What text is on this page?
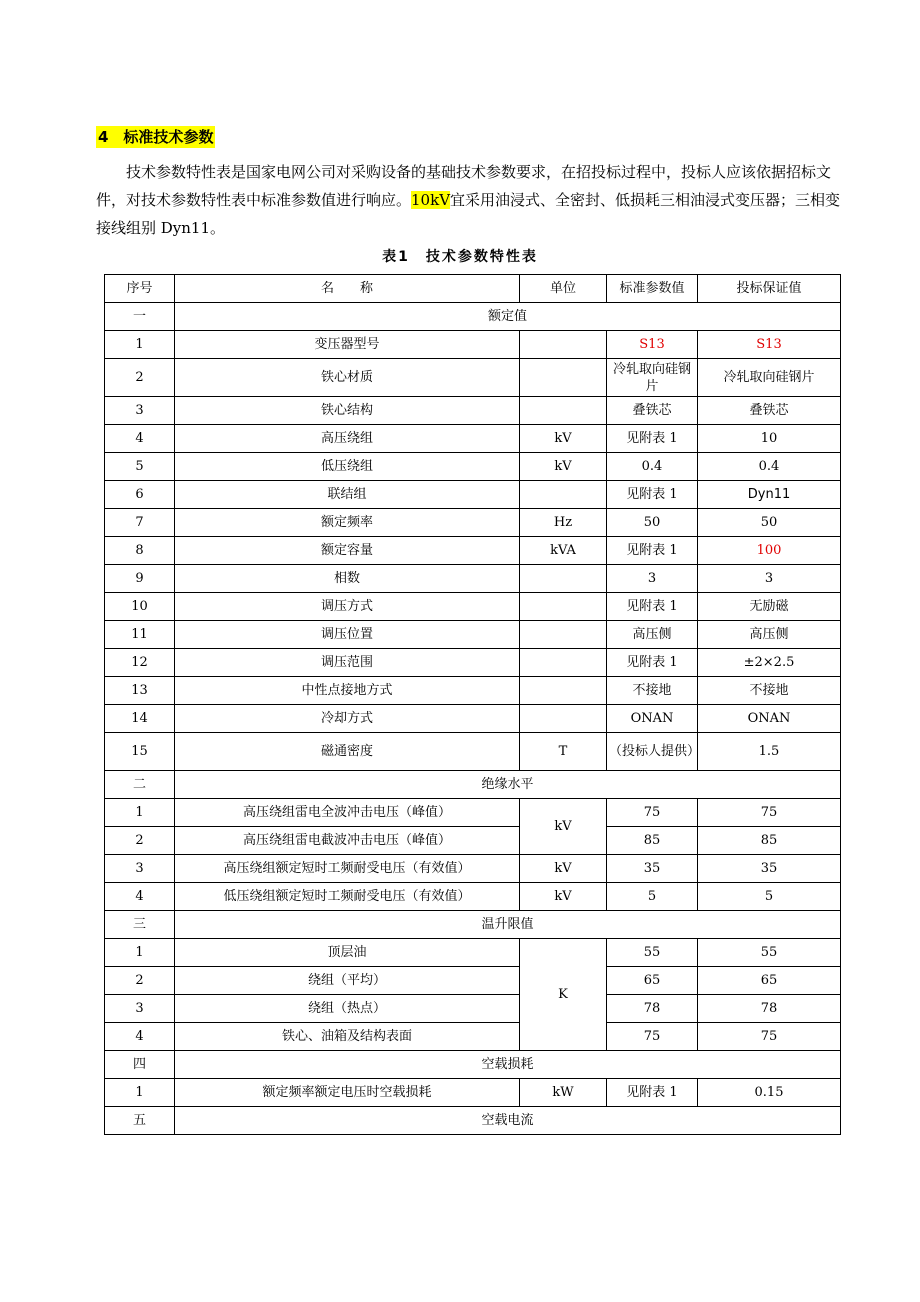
4　标准技术参数
技术参数特性表是国家电网公司对采购设备的基础技术参数要求，在招投标过程中，投标人应该依据招标文件，对技术参数特性表中标准参数值进行响应。10kV宜采用油浸式、全密封、低损耗三相油浸式变压器；三相变接线组别 Dyn11。
表1　技术参数特性表
序号	名　　称	单位	标准参数值	投标保证值
一	额定值			
1	变压器型号		S13	S13
2	铁心材质		冷轧取向硅钢片	冷轧取向硅钢片
3	铁心结构		叠铁芯	叠铁芯
4	高压绕组	kV	见附表 1	10
5	低压绕组	kV	0.4	0.4
6	联结组		见附表 1	Dyn11
7	额定频率	Hz	50	50
8	额定容量	kVA	见附表 1	100
9	相数		3	3
10	调压方式		见附表 1	无励磁
11	调压位置		高压侧	高压侧
12	调压范围		见附表 1	±2×2.5
13	中性点接地方式		不接地	不接地
14	冷却方式		ONAN	ONAN
15	磁通密度	T	（投标人提供）	1.5
二	绝缘水平			
1	高压绕组雷电全波冲击电压（峰值）	kV	75	75
2	高压绕组雷电截波冲击电压（峰值）		85	85
3	高压绕组额定短时工频耐受电压（有效值）	kV	35	35
4	低压绕组额定短时工频耐受电压（有效值）	kV	5	5
三	温升限值			
1	顶层油	K	55	55
2	绕组（平均）		65	65
3	绕组（热点）		78	78
4	铁心、油箱及结构表面		75	75
四	空载损耗			
1	额定频率额定电压时空载损耗	kW	见附表 1	0.15
五	空载电流			
